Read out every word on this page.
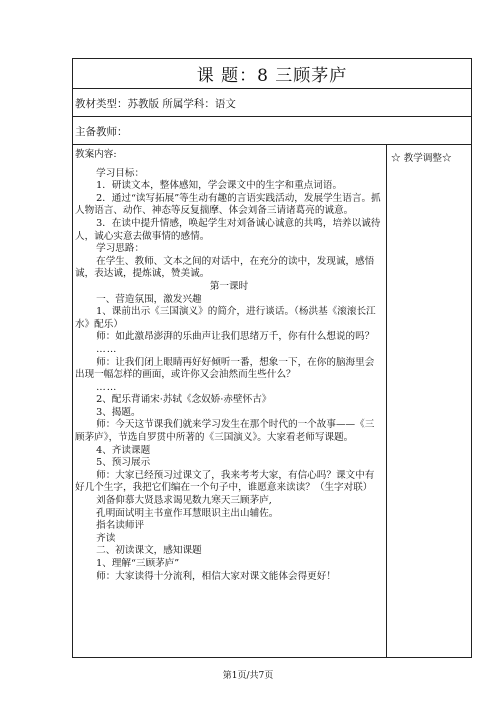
课 题：8 三顾茅庐
教材类型：苏教版 所属学科：语文
主备教师：

教案内容:

学习目标：

1．研读文本，整体感知，学会课文中的生字和重点词语。

2．通过“读写拓展”等生动有趣的言语实践活动，发展学生语言。抓人物语言、动作、神态等反复揣摩、体会刘备三请诸葛亮的诚意。

3．在读中提升情感，唤起学生对刘备诚心诚意的共鸣，培养以诚待人，诚心实意去做事情的感情。

学习思路：

在学生、教师、文本之间的对话中，在充分的读中，发现诚，感悟诚，表达诚，提炼诚，赞美诚。

第一课时

一、营造氛围，激发兴趣

1、课前出示《三国演义》的简介，进行谈话。（杨洪基《滚滚长江水》配乐）

师：如此激昂澎湃的乐曲声让我们思绪万千，你有什么想说的吗？

……

师：让我们闭上眼睛再好好倾听一番，想象一下，在你的脑海里会出现一幅怎样的画面，或许你又会油然而生些什么？

……

2、配乐背诵宋·苏轼《念奴娇·赤壁怀古》

3、揭题。

师：今天这节课我们就来学习发生在那个时代的一个故事——《三顾茅庐》，节选自罗贯中所著的《三国演义》。大家看老师写课题。

4、齐读课题

5、预习展示

师：大家已经预习过课文了，我来考考大家，有信心吗？课文中有好几个生字，我把它们编在一个句子中，谁愿意来读读？（生字对联）

刘备仰慕大贤恳求谒见数九寒天三顾茅庐,

孔明面试明主书童作耳慧眼识主出山辅佐。

指名读师评

齐读

二、初读课文，感知课题

1、理解“三顾茅庐”

师：大家读得十分流利，相信大家对课文能体会得更好！

☆ 教学调整☆
第1页/共7页
